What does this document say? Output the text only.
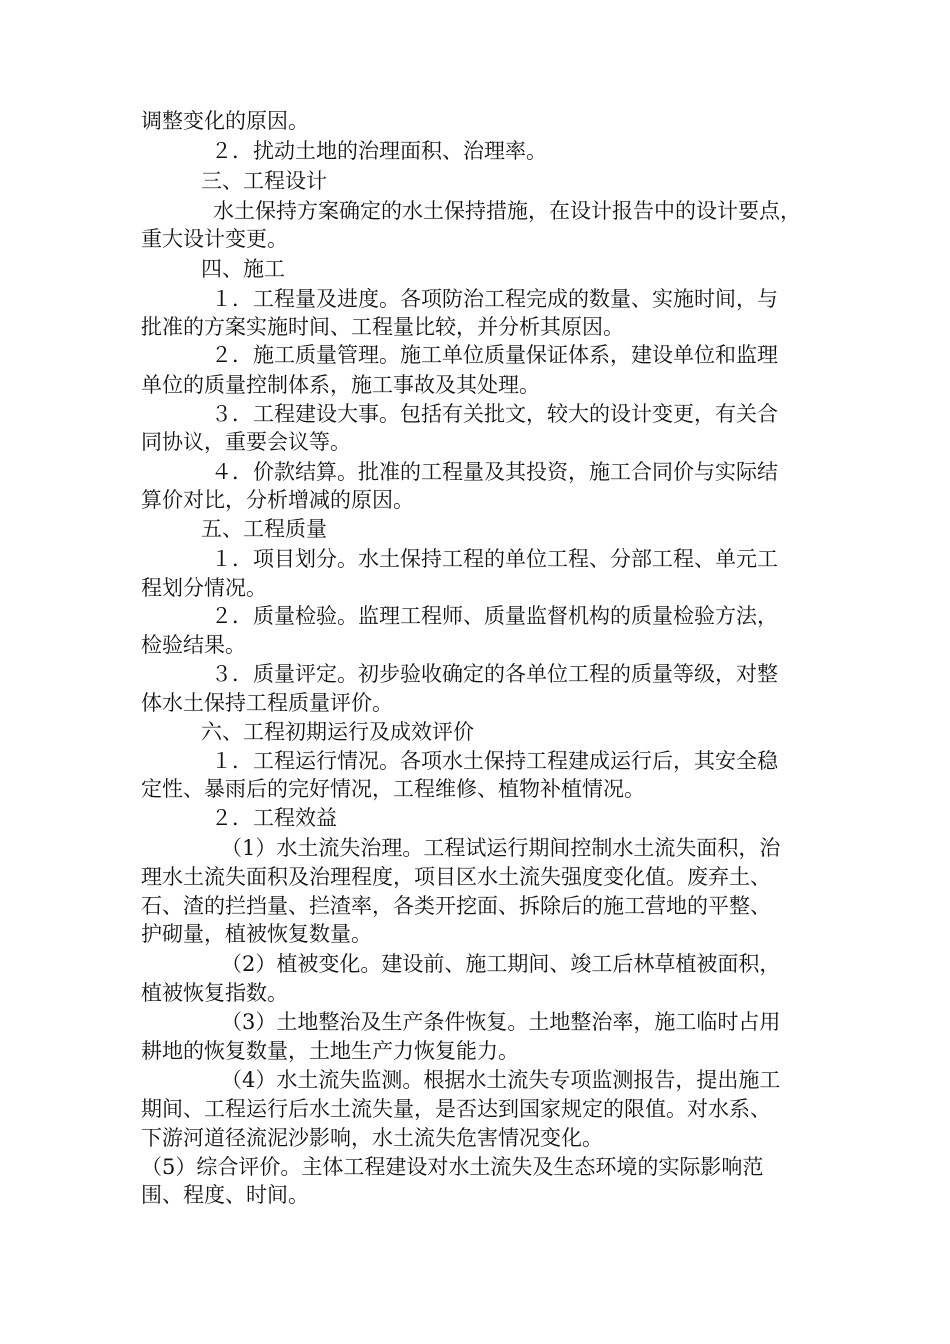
调整变化的原因。
２．扰动土地的治理面积、治理率。
三、工程设计
水土保持方案确定的水土保持措施，在设计报告中的设计要点，
重大设计变更。
四、施工
１．工程量及进度。各项防治工程完成的数量、实施时间，与
批准的方案实施时间、工程量比较，并分析其原因。
２．施工质量管理。施工单位质量保证体系，建设单位和监理
单位的质量控制体系，施工事故及其处理。
３．工程建设大事。包括有关批文，较大的设计变更，有关合
同协议，重要会议等。
４．价款结算。批准的工程量及其投资，施工合同价与实际结
算价对比，分析增减的原因。
五、工程质量
１．项目划分。水土保持工程的单位工程、分部工程、单元工
程划分情况。
２．质量检验。监理工程师、质量监督机构的质量检验方法，
检验结果。
３．质量评定。初步验收确定的各单位工程的质量等级，对整
体水土保持工程质量评价。
六、工程初期运行及成效评价
１．工程运行情况。各项水土保持工程建成运行后，其安全稳
定性、暴雨后的完好情况，工程维修、植物补植情况。
２．工程效益
（1）水土流失治理。工程试运行期间控制水土流失面积，治
理水土流失面积及治理程度，项目区水土流失强度变化值。废弃土、
石、渣的拦挡量、拦渣率，各类开挖面、拆除后的施工营地的平整、
护砌量，植被恢复数量。
（2）植被变化。建设前、施工期间、竣工后林草植被面积，
植被恢复指数。
（3）土地整治及生产条件恢复。土地整治率，施工临时占用
耕地的恢复数量，土地生产力恢复能力。
（4）水土流失监测。根据水土流失专项监测报告，提出施工
期间、工程运行后水土流失量，是否达到国家规定的限值。对水系、
下游河道径流泥沙影响，水土流失危害情况变化。
（5）综合评价。主体工程建设对水土流失及生态环境的实际影响范
围、程度、时间。
